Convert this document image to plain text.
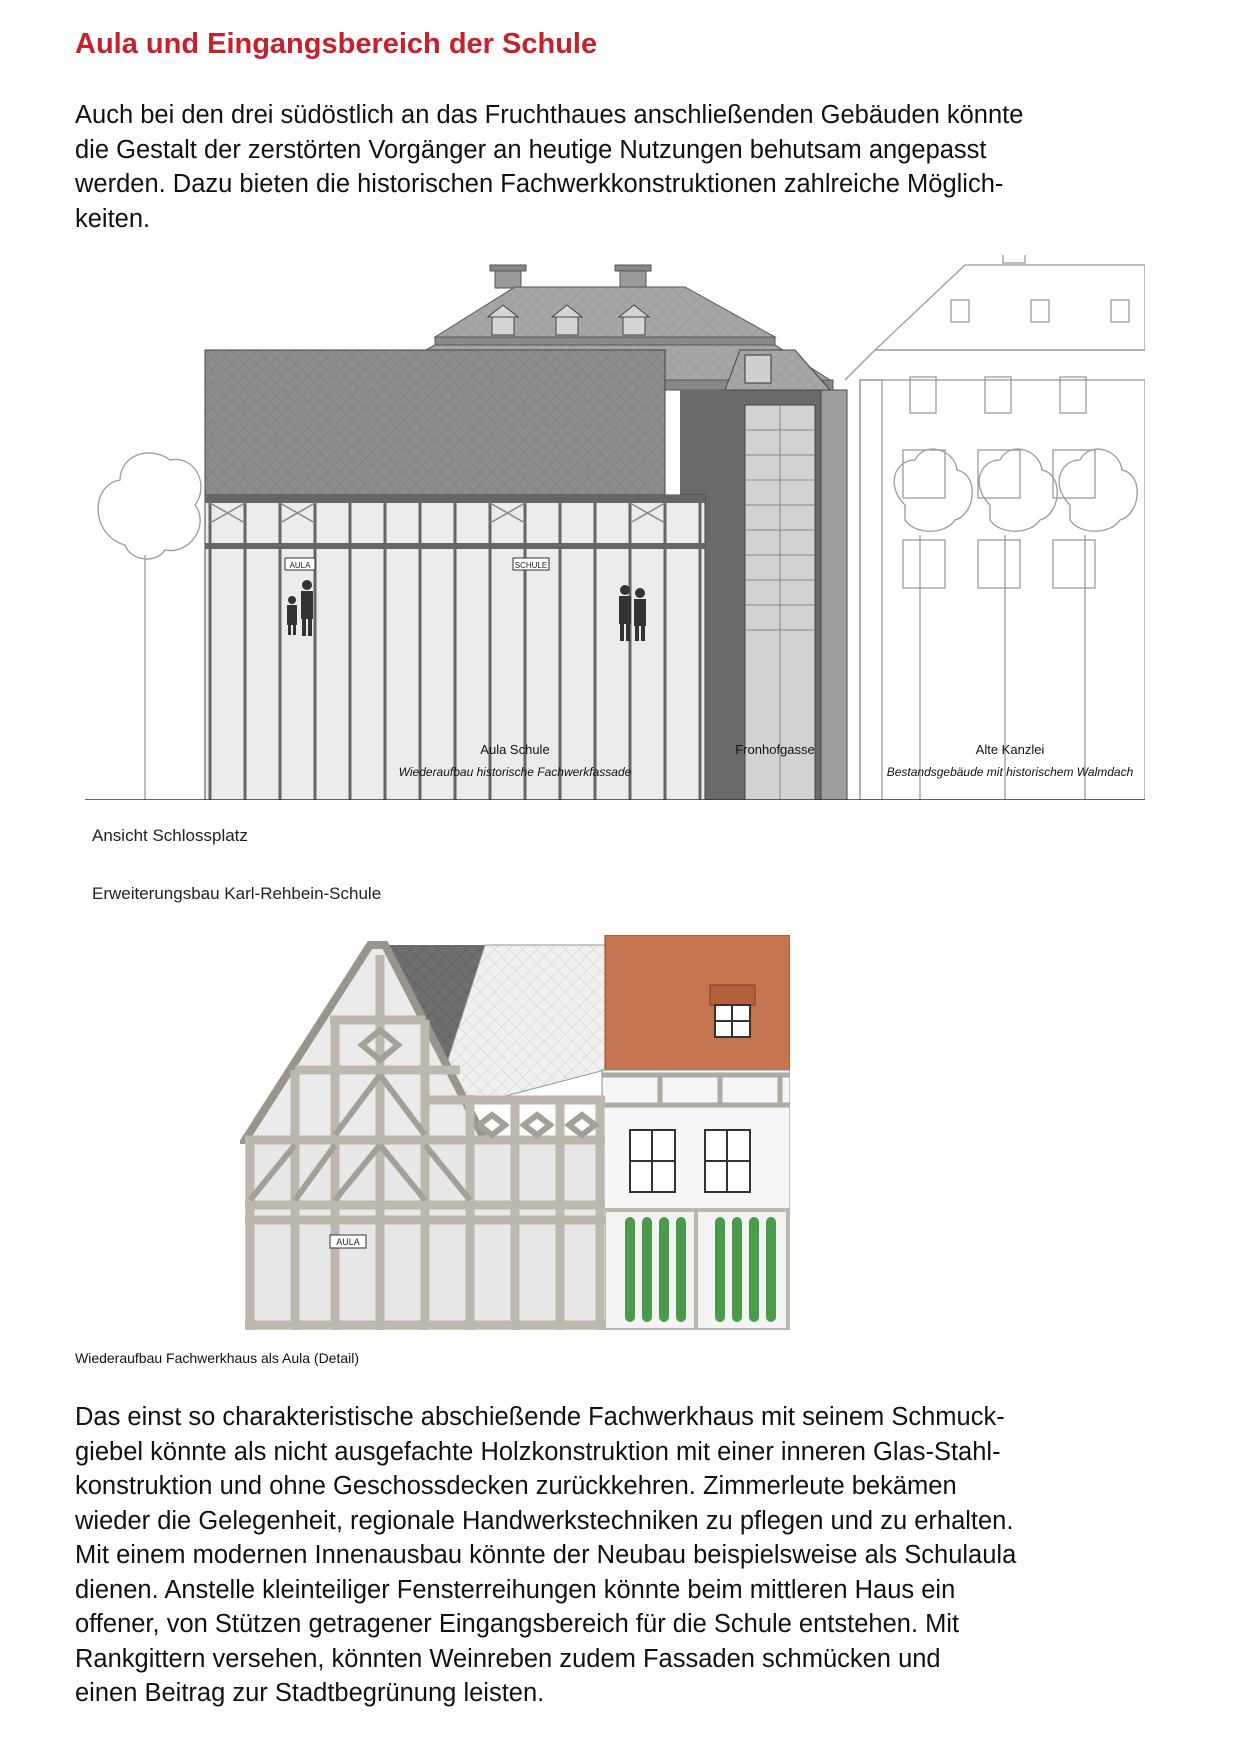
Aula und Eingangsbereich der Schule
Auch bei den drei südöstlich an das Fruchthaues anschließenden Gebäuden könnte
die Gestalt der zerstörten Vorgänger an heutige Nutzungen behutsam angepasst
werden. Dazu bieten die historischen Fachwerkkonstruktionen zahlreiche Möglich-
keiten.
AULA	SCHULE
Aula Schule
Wiederaufbau historische Fachwerkfassade
Fronhofgasse	Alte Kanzlei
Bestandsgebäude mit historischem Walmdach
Ansicht Schlossplatz
Erweiterungsbau Karl-Rehbein-Schule
AULA
Wiederaufbau Fachwerkhaus als Aula (Detail)
Das einst so charakteristische abschießende Fachwerkhaus mit seinem Schmuck-
giebel könnte als nicht ausgefachte Holzkonstruktion mit einer inneren Glas-Stahl-
konstruktion und ohne Geschossdecken zurückkehren. Zimmerleute bekämen
wieder die Gelegenheit, regionale Handwerkstechniken zu pflegen und zu erhalten.
Mit einem modernen Innenausbau könnte der Neubau beispielsweise als Schulaula
dienen. Anstelle kleinteiliger Fensterreihungen könnte beim mittleren Haus ein
offener, von Stützen getragener Eingangsbereich für die Schule entstehen. Mit
Rankgittern versehen, könnten Weinreben zudem Fassaden schmücken und
einen Beitrag zur Stadtbegrünung leisten.
